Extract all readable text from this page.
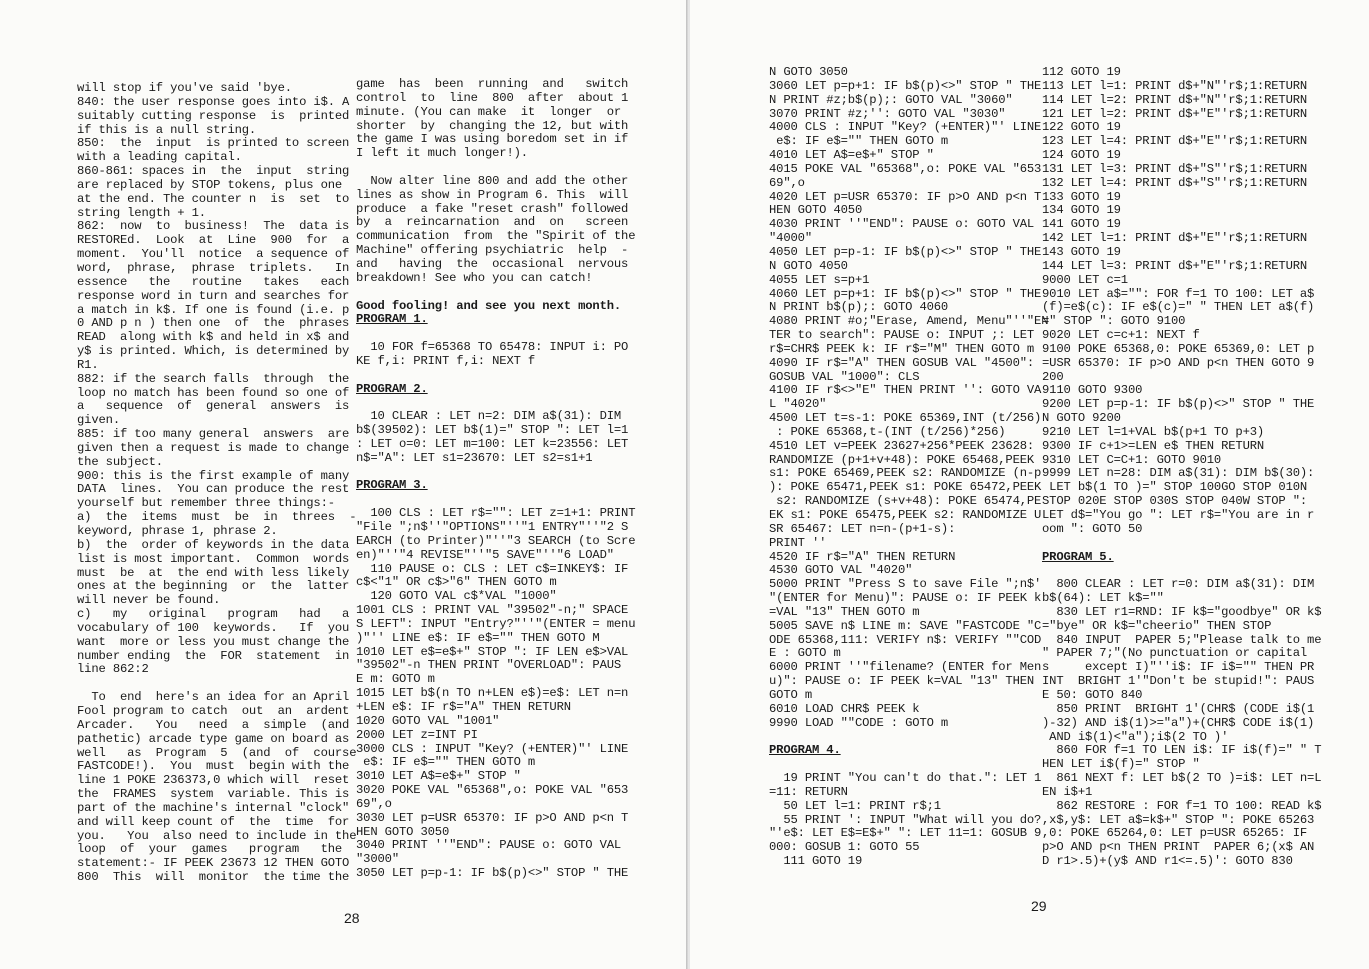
will stop if you've said 'bye.
840: the user response goes into i$. A
suitably cutting response  is  printed
if this is a null string.
850:  the  input  is printed to screen
with a leading capital.
860-861: spaces in  the  input  string
are replaced by STOP tokens, plus one
at the end. The counter n  is  set  to
string length + 1.
862:  now  to  business!  The  data is
RESTOREd.  Look  at  Line  900  for  a
moment.  You'll  notice  a sequence of
word,  phrase,  phrase  triplets.   In
essence   the   routine   takes   each
response word in turn and searches for
a match in k$. If one is found (i.e. p
0 AND p n ) then one  of  the  phrases
READ  along with k$ and held in x$ and
y$ is printed. Which, is determined by
R1.
882: if the search falls  through  the
loop no match has been found so one of
a   sequence  of  general  answers  is
given.
885: if too many general  answers  are
given then a request is made to change
the subject.
900: this is the first example of many
DATA  lines.  You can produce the rest
yourself but remember three things:-
a)  the  items  must  be  in  threes  -
keyword, phrase 1, phrase 2.
b)  the  order of keywords in the data
list is most important.  Common  words
must  be  at  the end with less likely
ones at the beginning  or  the  latter
will never be found.
c)   my   original   program   had   a
vocabulary of 100  keywords.   If  you
want  more or less you must change the
number ending  the  FOR  statement  in
line 862:2

To  end  here's an idea for an April
Fool program to catch  out  an  ardent
Arcader.   You   need  a  simple  (and
pathetic) arcade type game on board as
well   as  Program  5  (and  of  course
FASTCODE!).  You  must  begin with the
line 1 POKE 236373,0 which will  reset
the  FRAMES  system  variable. This is
part of the machine's internal "clock"
and will keep count of  the  time  for
you.   You  also need to include in the
loop  of  your  games   program   the
statement:- IF PEEK 23673 12 THEN GOTO
800  This  will  monitor  the time the
game  has  been  running  and   switch
control  to  line  800  after  about 1
minute. (You can make  it  longer  or
shorter  by  changing the 12, but with
the game I was using boredom set in if
I left it much longer!).

Now alter line 800 and add the other
lines as show in Program 6. This  will
produce  a fake "reset crash" followed
by  a  reincarnation  and  on   screen
communication  from  the "Spirit of the
Machine" offering psychiatric  help  -
and   having  the  occasional  nervous
breakdown! See who you can catch!

Good fooling! and see you next month.
PROGRAM 1.

10 FOR f=65368 TO 65478: INPUT i: PO
KE f,i: PRINT f,i: NEXT f

PROGRAM 2.

10 CLEAR : LET n=2: DIM a$(31): DIM
b$(39502): LET b$(1)=" STOP ": LET l=1
: LET o=0: LET m=100: LET k=23556: LET
n$="A": LET s1=23670: LET s2=s1+1

PROGRAM 3.

100 CLS : LET r$="": LET z=1+1: PRINT
"File ";n$''"OPTIONS"''"1 ENTRY"''"2 S
EARCH (to Printer)"''"3 SEARCH (to Scre
en)"''"4 REVISE"''"5 SAVE"''"6 LOAD"
110 PAUSE o: CLS : LET c$=INKEY$: IF
c$<"1" OR c$>"6" THEN GOTO m
120 GOTO VAL c$*VAL "1000"
1001 CLS : PRINT VAL "39502"-n;" SPACE
S LEFT": INPUT "Entry?"''"(ENTER = menu
)"'' LINE e$: IF e$="" THEN GOTO M
1010 LET e$=e$+" STOP ": IF LEN e$>VAL
"39502"-n THEN PRINT "OVERLOAD": PAUS
E m: GOTO m
1015 LET b$(n TO n+LEN e$)=e$: LET n=n
+LEN e$: IF r$="A" THEN RETURN
1020 GOTO VAL "1001"
2000 LET z=INT PI
3000 CLS : INPUT "Key? (+ENTER)"' LINE
e$: IF e$="" THEN GOTO m
3010 LET A$=e$+" STOP "
3020 POKE VAL "65368",o: POKE VAL "653
69",o
3030 LET p=USR 65370: IF p>O AND p<n T
HEN GOTO 3050
3040 PRINT ''"END": PAUSE o: GOTO VAL
"3000"
3050 LET p=p-1: IF b$(p)<>" STOP " THE
28
N GOTO 3050
3060 LET p=p+1: IF b$(p)<>" STOP " THE
N PRINT #z;b$(p);: GOTO VAL "3060"
3070 PRINT #z;'': GOTO VAL "3030"
4000 CLS : INPUT "Key? (+ENTER)"' LINE
e$: IF e$="" THEN GOTO m
4010 LET A$=e$+" STOP "
4015 POKE VAL "65368",o: POKE VAL "653
69",o
4020 LET p=USR 65370: IF p>O AND p<n T
HEN GOTO 4050
4030 PRINT ''"END": PAUSE o: GOTO VAL
"4000"
4050 LET p=p-1: IF b$(p)<>" STOP " THE
N GOTO 4050
4055 LET s=p+1
4060 LET p=p+1: IF b$(p)<>" STOP " THE
N PRINT b$(p);: GOTO 4060
4080 PRINT #o;"Erase, Amend, Menu"''"EN
TER to search": PAUSE o: INPUT ;: LET
r$=CHR$ PEEK k: IF r$="M" THEN GOTO m
4090 IF r$="A" THEN GOSUB VAL "4500":
GOSUB VAL "1000": CLS
4100 IF r$<>"E" THEN PRINT '': GOTO VA
L "4020"
4500 LET t=s-1: POKE 65369,INT (t/256)
: POKE 65368,t-(INT (t/256)*256)
4510 LET v=PEEK 23627+256*PEEK 23628:
RANDOMIZE (p+1+v+48): POKE 65468,PEEK
s1: POKE 65469,PEEK s2: RANDOMIZE (n-p
): POKE 65471,PEEK s1: POKE 65472,PEEK
s2: RANDOMIZE (s+v+48): POKE 65474,PE
EK s1: POKE 65475,PEEK s2: RANDOMIZE U
SR 65467: LET n=n-(p+1-s):
PRINT ''
4520 IF r$="A" THEN RETURN
4530 GOTO VAL "4020"
5000 PRINT "Press S to save File ";n$'
"(ENTER for Menu)": PAUSE o: IF PEEK k
=VAL "13" THEN GOTO m
5005 SAVE n$ LINE m: SAVE "FASTCODE "C
ODE 65368,111: VERIFY n$: VERIFY ""COD
E : GOTO m
6000 PRINT ''"filename? (ENTER for Men
u)": PAUSE o: IF PEEK k=VAL "13" THEN
GOTO m
6010 LOAD CHR$ PEEK k
9990 LOAD ""CODE : GOTO m

PROGRAM 4.

19 PRINT "You can't do that.": LET 1
=11: RETURN
50 LET l=1: PRINT r$;1
55 PRINT ': INPUT "What will you do?
"'e$: LET E$=E$+" ": LET 11=1: GOSUB 9
000: GOSUB 1: GOTO 55
111 GOTO 19
112 GOTO 19
113 LET l=1: PRINT d$+"N"'r$;1:RETURN
114 LET l=2: PRINT d$+"N"'r$;1:RETURN
121 LET l=2: PRINT d$+"E"'r$;1:RETURN
122 GOTO 19
123 LET l=4: PRINT d$+"E"'r$;1:RETURN
124 GOTO 19
131 LET l=3: PRINT d$+"S"'r$;1:RETURN
132 LET l=4: PRINT d$+"S"'r$;1:RETURN
133 GOTO 19
134 GOTO 19
141 GOTO 19
142 LET l=1: PRINT d$+"E"'r$;1:RETURN
143 GOTO 19
144 LET l=3: PRINT d$+"E"'r$;1:RETURN
9000 LET c=1
9010 LET a$="": FOR f=1 TO 100: LET a$
(f)=e$(c): IF e$(c)=" " THEN LET a$(f)
=" STOP ": GOTO 9100
9020 LET c=c+1: NEXT f
9100 POKE 65368,0: POKE 65369,0: LET p
=USR 65370: IF p>O AND p<n THEN GOTO 9
200
9110 GOTO 9300
9200 LET p=p-1: IF b$(p)<>" STOP " THE
N GOTO 9200
9210 LET l=1+VAL b$(p+1 TO p+3)
9300 IF c+1>=LEN e$ THEN RETURN
9310 LET C=C+1: GOTO 9010
9999 LET n=28: DIM a$(31): DIM b$(30):
LET b$(1 TO )=" STOP 100GO STOP 010N
STOP 020E STOP 030S STOP 040W STOP ":
LET d$="You go ": LET r$="You are in r
oom ": GOTO 50

PROGRAM 5.

800 CLEAR : LET r=0: DIM a$(31): DIM
b$(64): LET k$=""
830 LET r1=RND: IF k$="goodbye" OR k$
="bye" OR k$="cheerio" THEN STOP
840 INPUT  PAPER 5;"Please talk to me
" PAPER 7;"(No punctuation or capital
s     except I)"''i$: IF i$="" THEN PR
INT  BRIGHT 1'"Don't be stupid!": PAUS
E 50: GOTO 840
850 PRINT  BRIGHT 1'(CHR$ (CODE i$(1
)-32) AND i$(1)>="a")+(CHR$ CODE i$(1)
AND i$(1)<"a");i$(2 TO )'
860 FOR f=1 TO LEN i$: IF i$(f)=" " T
HEN LET i$(f)=" STOP "
861 NEXT f: LET b$(2 TO )=i$: LET n=L
EN i$+1
862 RESTORE : FOR f=1 TO 100: READ k$
,x$,y$: LET a$=k$+" STOP ": POKE 65263
,0: POKE 65264,0: LET p=USR 65265: IF
p>O AND p<n THEN PRINT  PAPER 6;(x$ AN
D r1>.5)+(y$ AND r1<=.5)': GOTO 830
29
